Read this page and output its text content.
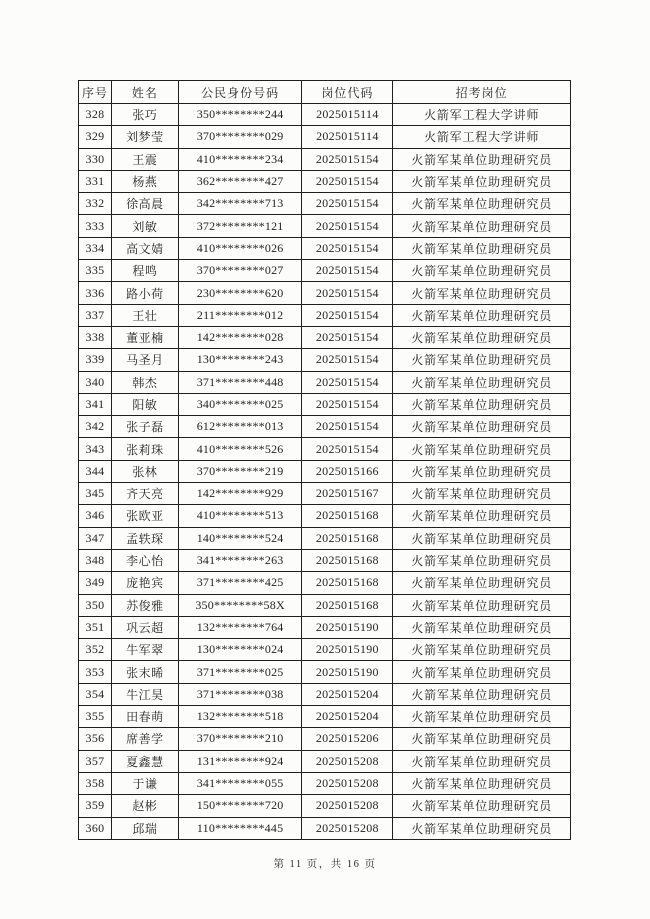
序号	姓名	公民身份号码	岗位代码	招考岗位
328	张巧	350********244	2025015114	火箭军工程大学讲师
329	刘梦莹	370********029	2025015114	火箭军工程大学讲师
330	王震	410********234	2025015154	火箭军某单位助理研究员
331	杨燕	362********427	2025015154	火箭军某单位助理研究员
332	徐高晨	342********713	2025015154	火箭军某单位助理研究员
333	刘敏	372********121	2025015154	火箭军某单位助理研究员
334	高文婧	410********026	2025015154	火箭军某单位助理研究员
335	程鸣	370********027	2025015154	火箭军某单位助理研究员
336	路小荷	230********620	2025015154	火箭军某单位助理研究员
337	王壮	211********012	2025015154	火箭军某单位助理研究员
338	董亚楠	142********028	2025015154	火箭军某单位助理研究员
339	马圣月	130********243	2025015154	火箭军某单位助理研究员
340	韩杰	371********448	2025015154	火箭军某单位助理研究员
341	阳敏	340********025	2025015154	火箭军某单位助理研究员
342	张子磊	612********013	2025015154	火箭军某单位助理研究员
343	张莉珠	410********526	2025015154	火箭军某单位助理研究员
344	张林	370********219	2025015166	火箭军某单位助理研究员
345	齐天亮	142********929	2025015167	火箭军某单位助理研究员
346	张欧亚	410********513	2025015168	火箭军某单位助理研究员
347	孟轶琛	140********524	2025015168	火箭军某单位助理研究员
348	李心怡	341********263	2025015168	火箭军某单位助理研究员
349	庞艳宾	371********425	2025015168	火箭军某单位助理研究员
350	苏俊雅	350********58X	2025015168	火箭军某单位助理研究员
351	巩云超	132********764	2025015190	火箭军某单位助理研究员
352	牛军翠	130********024	2025015190	火箭军某单位助理研究员
353	张末晞	371********025	2025015190	火箭军某单位助理研究员
354	牛江昊	371********038	2025015204	火箭军某单位助理研究员
355	田春萌	132********518	2025015204	火箭军某单位助理研究员
356	席善学	370********210	2025015206	火箭军某单位助理研究员
357	夏鑫慧	131********924	2025015208	火箭军某单位助理研究员
358	于谦	341********055	2025015208	火箭军某单位助理研究员
359	赵彬	150********720	2025015208	火箭军某单位助理研究员
360	邱瑞	110********445	2025015208	火箭军某单位助理研究员
第 11 页，共 16 页
